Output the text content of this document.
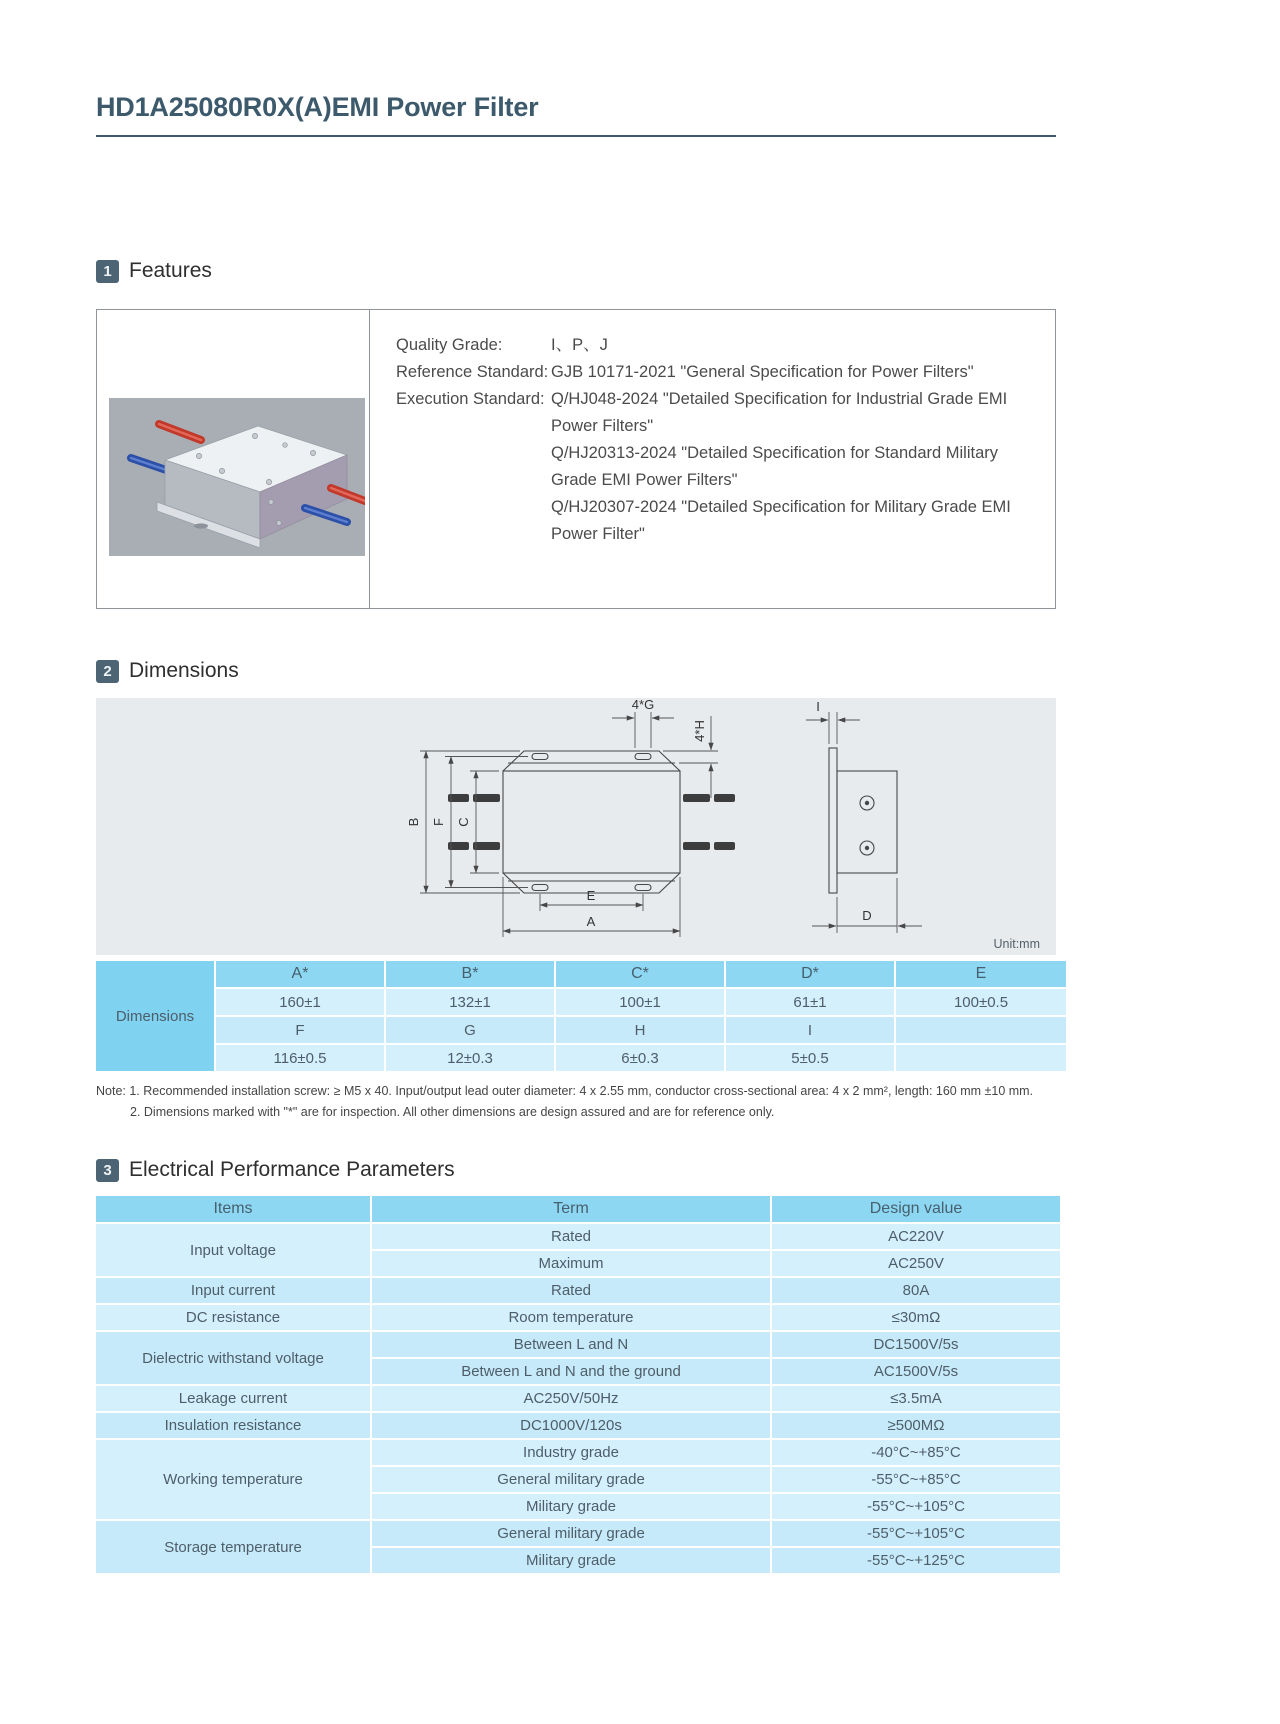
HD1A25080R0X(A)EMI Power Filter
1 Features
Quality Grade:	I、P、J
Reference Standard: GJB 10171-2021 "General Specification for Power Filters"
Execution Standard: Q/HJ048-2024 "Detailed Specification for Industrial Grade EMI Power Filters"
Q/HJ20313-2024 "Detailed Specification for Standard Military Grade EMI Power Filters"
Q/HJ20307-2024 "Detailed Specification for Military Grade EMI Power Filter"
2 Dimensions
B F C
4*G
4*H
I
E
A	D
Unit:mm
Dimensions	A*	B*	C*	D*	E
	160±1	132±1	100±1	61±1	100±0.5
	F	G	H	I	
	116±0.5	12±0.3	6±0.3	5±0.5	
Note: 1. Recommended installation screw: ≥ M5 x 40. Input/output lead outer diameter: 4 x 2.55 mm, conductor cross-sectional area: 4 x 2 mm², length: 160 mm ±10 mm.
2. Dimensions marked with "*" are for inspection. All other dimensions are design assured and are for reference only.
3 Electrical Performance Parameters
Items	Term	Design value
Input voltage	Rated	AC220V
	Maximum	AC250V
Input current	Rated	80A
DC resistance	Room temperature	≤30mΩ
Dielectric withstand voltage	Between L and N	DC1500V/5s
	Between L and N and the ground	AC1500V/5s
Leakage current	AC250V/50Hz	≤3.5mA
Insulation resistance	DC1000V/120s	≥500MΩ
Working temperature	Industry grade	-40°C~+85°C
	General military grade	-55°C~+85°C
	Military grade	-55°C~+105°C
Storage temperature	General military grade	-55°C~+105°C
	Military grade	-55°C~+125°C
